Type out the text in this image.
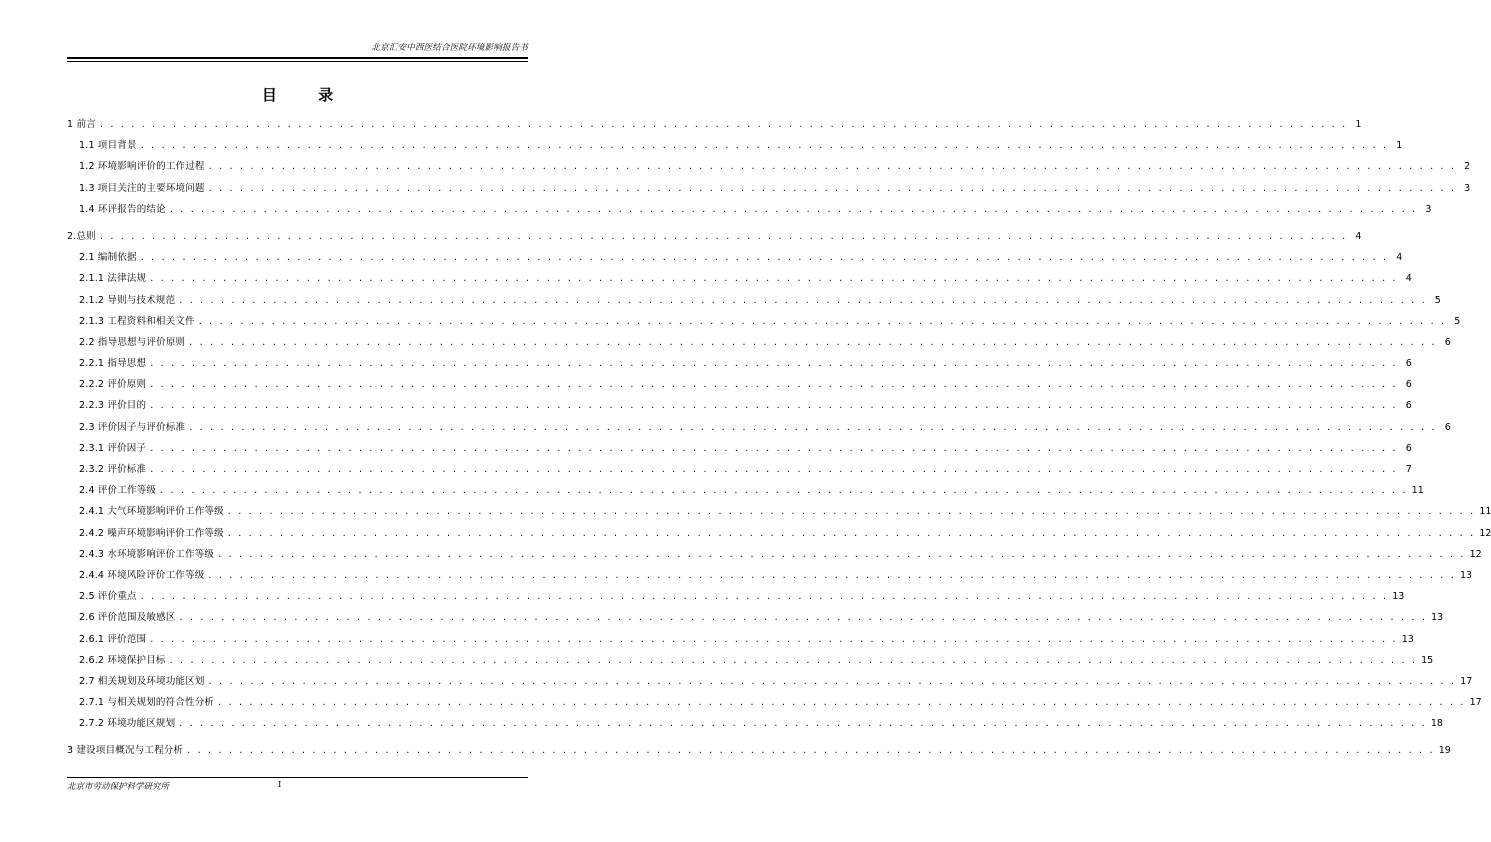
北京汇安中西医结合医院环境影响报告书
目 录
1 前言 . . . . . . . . . . . . . . . . . . . . . . . . . . . . . . . . . . . . . . . . . . . . . . . . . . . . . . . . . . . . . . . . . . . . . . . . . . . . . . . . . . . . . . . . . . . . . . . . . . . . . . . . . . . . . . . . . . . . . . . . 1
1.1 项目背景 . . . . . . . . . . . . . . . . . . . . . . . . . . . . . . . . . . . . . . . . . . . . . . . . . . . . . . . . . . . . . . . . . . . . . . . . . . . . . . . . . . . . . . . . . . . . . . . . . . . . . . . . . . . . . . . . . . . . . . . . 1
1.2 环境影响评价的工作过程 . . . . . . . . . . . . . . . . . . . . . . . . . . . . . . . . . . . . . . . . . . . . . . . . . . . . . . . . . . . . . . . . . . . . . . . . . . . . . . . . . . . . . . . . . . . . . . . . . . . . . . . . . . . . . . . . . . . . . . . . 2
1.3 项目关注的主要环境问题 . . . . . . . . . . . . . . . . . . . . . . . . . . . . . . . . . . . . . . . . . . . . . . . . . . . . . . . . . . . . . . . . . . . . . . . . . . . . . . . . . . . . . . . . . . . . . . . . . . . . . . . . . . . . . . . . . . . . . . . . 3
1.4 环评报告的结论 . . . . . . . . . . . . . . . . . . . . . . . . . . . . . . . . . . . . . . . . . . . . . . . . . . . . . . . . . . . . . . . . . . . . . . . . . . . . . . . . . . . . . . . . . . . . . . . . . . . . . . . . . . . . . . . . . . . . . . . . 3
2.总则 . . . . . . . . . . . . . . . . . . . . . . . . . . . . . . . . . . . . . . . . . . . . . . . . . . . . . . . . . . . . . . . . . . . . . . . . . . . . . . . . . . . . . . . . . . . . . . . . . . . . . . . . . . . . . . . . . . . . . . . . 4
2.1 编制依据 . . . . . . . . . . . . . . . . . . . . . . . . . . . . . . . . . . . . . . . . . . . . . . . . . . . . . . . . . . . . . . . . . . . . . . . . . . . . . . . . . . . . . . . . . . . . . . . . . . . . . . . . . . . . . . . . . . . . . . . . 4
2.1.1 法律法规 . . . . . . . . . . . . . . . . . . . . . . . . . . . . . . . . . . . . . . . . . . . . . . . . . . . . . . . . . . . . . . . . . . . . . . . . . . . . . . . . . . . . . . . . . . . . . . . . . . . . . . . . . . . . . . . . . . . . . . . . 4
2.1.2 导则与技术规范 . . . . . . . . . . . . . . . . . . . . . . . . . . . . . . . . . . . . . . . . . . . . . . . . . . . . . . . . . . . . . . . . . . . . . . . . . . . . . . . . . . . . . . . . . . . . . . . . . . . . . . . . . . . . . . . . . . . . . . . . 5
2.1.3 工程资料和相关文件 . . . . . . . . . . . . . . . . . . . . . . . . . . . . . . . . . . . . . . . . . . . . . . . . . . . . . . . . . . . . . . . . . . . . . . . . . . . . . . . . . . . . . . . . . . . . . . . . . . . . . . . . . . . . . . . . . . . . . . . . 5
2.2 指导思想与评价原则 . . . . . . . . . . . . . . . . . . . . . . . . . . . . . . . . . . . . . . . . . . . . . . . . . . . . . . . . . . . . . . . . . . . . . . . . . . . . . . . . . . . . . . . . . . . . . . . . . . . . . . . . . . . . . . . . . . . . . . . . 6
2.2.1 指导思想 . . . . . . . . . . . . . . . . . . . . . . . . . . . . . . . . . . . . . . . . . . . . . . . . . . . . . . . . . . . . . . . . . . . . . . . . . . . . . . . . . . . . . . . . . . . . . . . . . . . . . . . . . . . . . . . . . . . . . . . . 6
2.2.2 评价原则 . . . . . . . . . . . . . . . . . . . . . . . . . . . . . . . . . . . . . . . . . . . . . . . . . . . . . . . . . . . . . . . . . . . . . . . . . . . . . . . . . . . . . . . . . . . . . . . . . . . . . . . . . . . . . . . . . . . . . . . . 6
2.2.3 评价目的 . . . . . . . . . . . . . . . . . . . . . . . . . . . . . . . . . . . . . . . . . . . . . . . . . . . . . . . . . . . . . . . . . . . . . . . . . . . . . . . . . . . . . . . . . . . . . . . . . . . . . . . . . . . . . . . . . . . . . . . . 6
2.3 评价因子与评价标准 . . . . . . . . . . . . . . . . . . . . . . . . . . . . . . . . . . . . . . . . . . . . . . . . . . . . . . . . . . . . . . . . . . . . . . . . . . . . . . . . . . . . . . . . . . . . . . . . . . . . . . . . . . . . . . . . . . . . . . . . 6
2.3.1 评价因子 . . . . . . . . . . . . . . . . . . . . . . . . . . . . . . . . . . . . . . . . . . . . . . . . . . . . . . . . . . . . . . . . . . . . . . . . . . . . . . . . . . . . . . . . . . . . . . . . . . . . . . . . . . . . . . . . . . . . . . . . 6
2.3.2 评价标准 . . . . . . . . . . . . . . . . . . . . . . . . . . . . . . . . . . . . . . . . . . . . . . . . . . . . . . . . . . . . . . . . . . . . . . . . . . . . . . . . . . . . . . . . . . . . . . . . . . . . . . . . . . . . . . . . . . . . . . . . 7
2.4 评价工作等级 . . . . . . . . . . . . . . . . . . . . . . . . . . . . . . . . . . . . . . . . . . . . . . . . . . . . . . . . . . . . . . . . . . . . . . . . . . . . . . . . . . . . . . . . . . . . . . . . . . . . . . . . . . . . . . . . . . . . . . . . 11
2.4.1 大气环境影响评价工作等级 . . . . . . . . . . . . . . . . . . . . . . . . . . . . . . . . . . . . . . . . . . . . . . . . . . . . . . . . . . . . . . . . . . . . . . . . . . . . . . . . . . . . . . . . . . . . . . . . . . . . . . . . . . . . . . . . . . . . . . . . 11
2.4.2 噪声环境影响评价工作等级 . . . . . . . . . . . . . . . . . . . . . . . . . . . . . . . . . . . . . . . . . . . . . . . . . . . . . . . . . . . . . . . . . . . . . . . . . . . . . . . . . . . . . . . . . . . . . . . . . . . . . . . . . . . . . . . . . . . . . . . . 12
2.4.3 水环境影响评价工作等级 . . . . . . . . . . . . . . . . . . . . . . . . . . . . . . . . . . . . . . . . . . . . . . . . . . . . . . . . . . . . . . . . . . . . . . . . . . . . . . . . . . . . . . . . . . . . . . . . . . . . . . . . . . . . . . . . . . . . . . . . 12
2.4.4 环境风险评价工作等级 . . . . . . . . . . . . . . . . . . . . . . . . . . . . . . . . . . . . . . . . . . . . . . . . . . . . . . . . . . . . . . . . . . . . . . . . . . . . . . . . . . . . . . . . . . . . . . . . . . . . . . . . . . . . . . . . . . . . . . . . 13
2.5 评价重点 . . . . . . . . . . . . . . . . . . . . . . . . . . . . . . . . . . . . . . . . . . . . . . . . . . . . . . . . . . . . . . . . . . . . . . . . . . . . . . . . . . . . . . . . . . . . . . . . . . . . . . . . . . . . . . . . . . . . . . . . 13
2.6 评价范围及敏感区 . . . . . . . . . . . . . . . . . . . . . . . . . . . . . . . . . . . . . . . . . . . . . . . . . . . . . . . . . . . . . . . . . . . . . . . . . . . . . . . . . . . . . . . . . . . . . . . . . . . . . . . . . . . . . . . . . . . . . . . . 13
2.6.1 评价范围 . . . . . . . . . . . . . . . . . . . . . . . . . . . . . . . . . . . . . . . . . . . . . . . . . . . . . . . . . . . . . . . . . . . . . . . . . . . . . . . . . . . . . . . . . . . . . . . . . . . . . . . . . . . . . . . . . . . . . . . . 13
2.6.2 环境保护目标 . . . . . . . . . . . . . . . . . . . . . . . . . . . . . . . . . . . . . . . . . . . . . . . . . . . . . . . . . . . . . . . . . . . . . . . . . . . . . . . . . . . . . . . . . . . . . . . . . . . . . . . . . . . . . . . . . . . . . . . . 15
2.7 相关规划及环境功能区划 . . . . . . . . . . . . . . . . . . . . . . . . . . . . . . . . . . . . . . . . . . . . . . . . . . . . . . . . . . . . . . . . . . . . . . . . . . . . . . . . . . . . . . . . . . . . . . . . . . . . . . . . . . . . . . . . . . . . . . . . 17
2.7.1 与相关规划的符合性分析 . . . . . . . . . . . . . . . . . . . . . . . . . . . . . . . . . . . . . . . . . . . . . . . . . . . . . . . . . . . . . . . . . . . . . . . . . . . . . . . . . . . . . . . . . . . . . . . . . . . . . . . . . . . . . . . . . . . . . . . . 17
2.7.2 环境功能区规划 . . . . . . . . . . . . . . . . . . . . . . . . . . . . . . . . . . . . . . . . . . . . . . . . . . . . . . . . . . . . . . . . . . . . . . . . . . . . . . . . . . . . . . . . . . . . . . . . . . . . . . . . . . . . . . . . . . . . . . . . 18
3 建设项目概况与工程分析 . . . . . . . . . . . . . . . . . . . . . . . . . . . . . . . . . . . . . . . . . . . . . . . . . . . . . . . . . . . . . . . . . . . . . . . . . . . . . . . . . . . . . . . . . . . . . . . . . . . . . . . . . . . . . . . . . . . . . . . . 19
北京市劳动保护科学研究所	I
